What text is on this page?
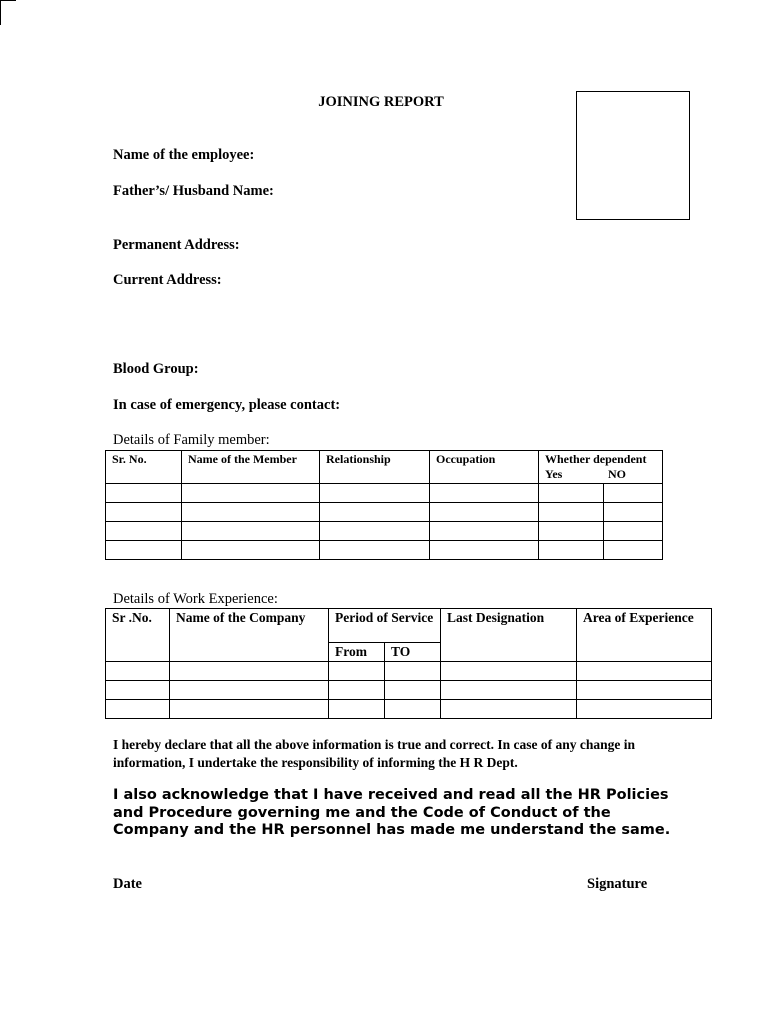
JOINING REPORT
Name of the employee:
Father’s/ Husband Name:
Permanent Address:
Current Address:
Blood Group:
In case of emergency, please contact:
Details of Family member:
Sr. No.	Name of the Member	Relationship	Occupation	Whether dependent
Yes NO	

Details of Work Experience:
Sr .No.	Name of the Company	Period of Service		Last Designation	Area of Experience
		From	TO		

I hereby declare that all the above information is true and correct. In case of any change in information, I undertake the responsibility of informing the H R Dept.
I also acknowledge that I have received and read all the HR Policies and Procedure governing me and the Code of Conduct of the Company and the HR personnel has made me understand the same.
Date	Signature
